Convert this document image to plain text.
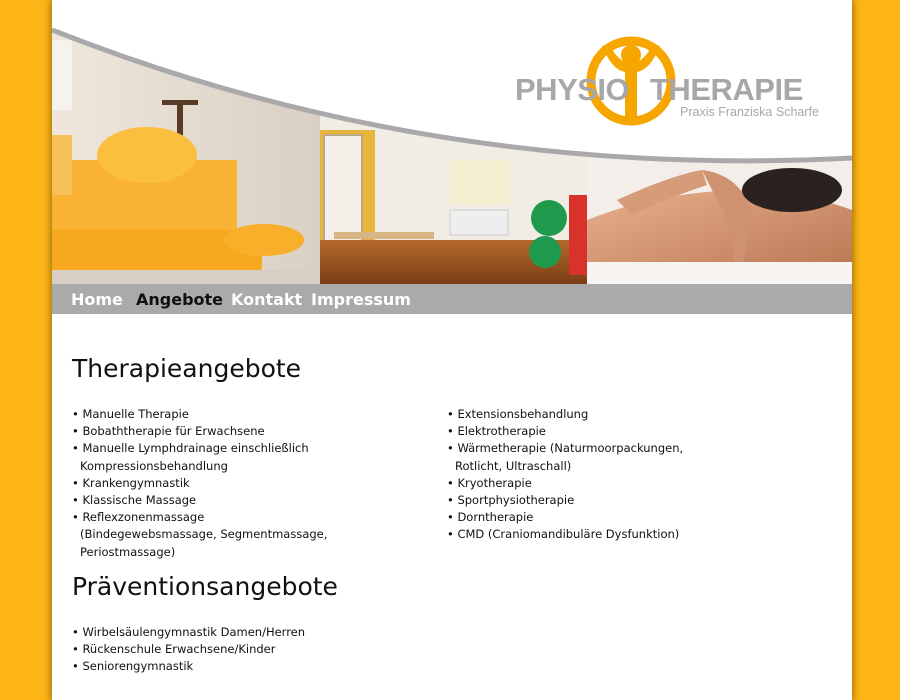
PHYSIO THERAPIE
Praxis Franziska Scharfe
Home Angebote Kontakt Impressum
Therapieangebote
• Manuelle Therapie
• Bobaththerapie für Erwachsene
• Manuelle Lymphdrainage einschließlich Kompressionsbehandlung
• Krankengymnastik
• Klassische Massage
• Reflexzonenmassage (Bindegewebsmassage, Segmentmassage, Periostmassage)
• Extensionsbehandlung
• Elektrotherapie
• Wärmetherapie (Naturmoorpackungen, Rotlicht, Ultraschall)
• Kryotherapie
• Sportphysiotherapie
• Dorntherapie
• CMD (Craniomandibuläre Dysfunktion)
Präventionsangebote
• Wirbelsäulengymnastik Damen/Herren
• Rückenschule Erwachsene/Kinder
• Seniorengymnastik
